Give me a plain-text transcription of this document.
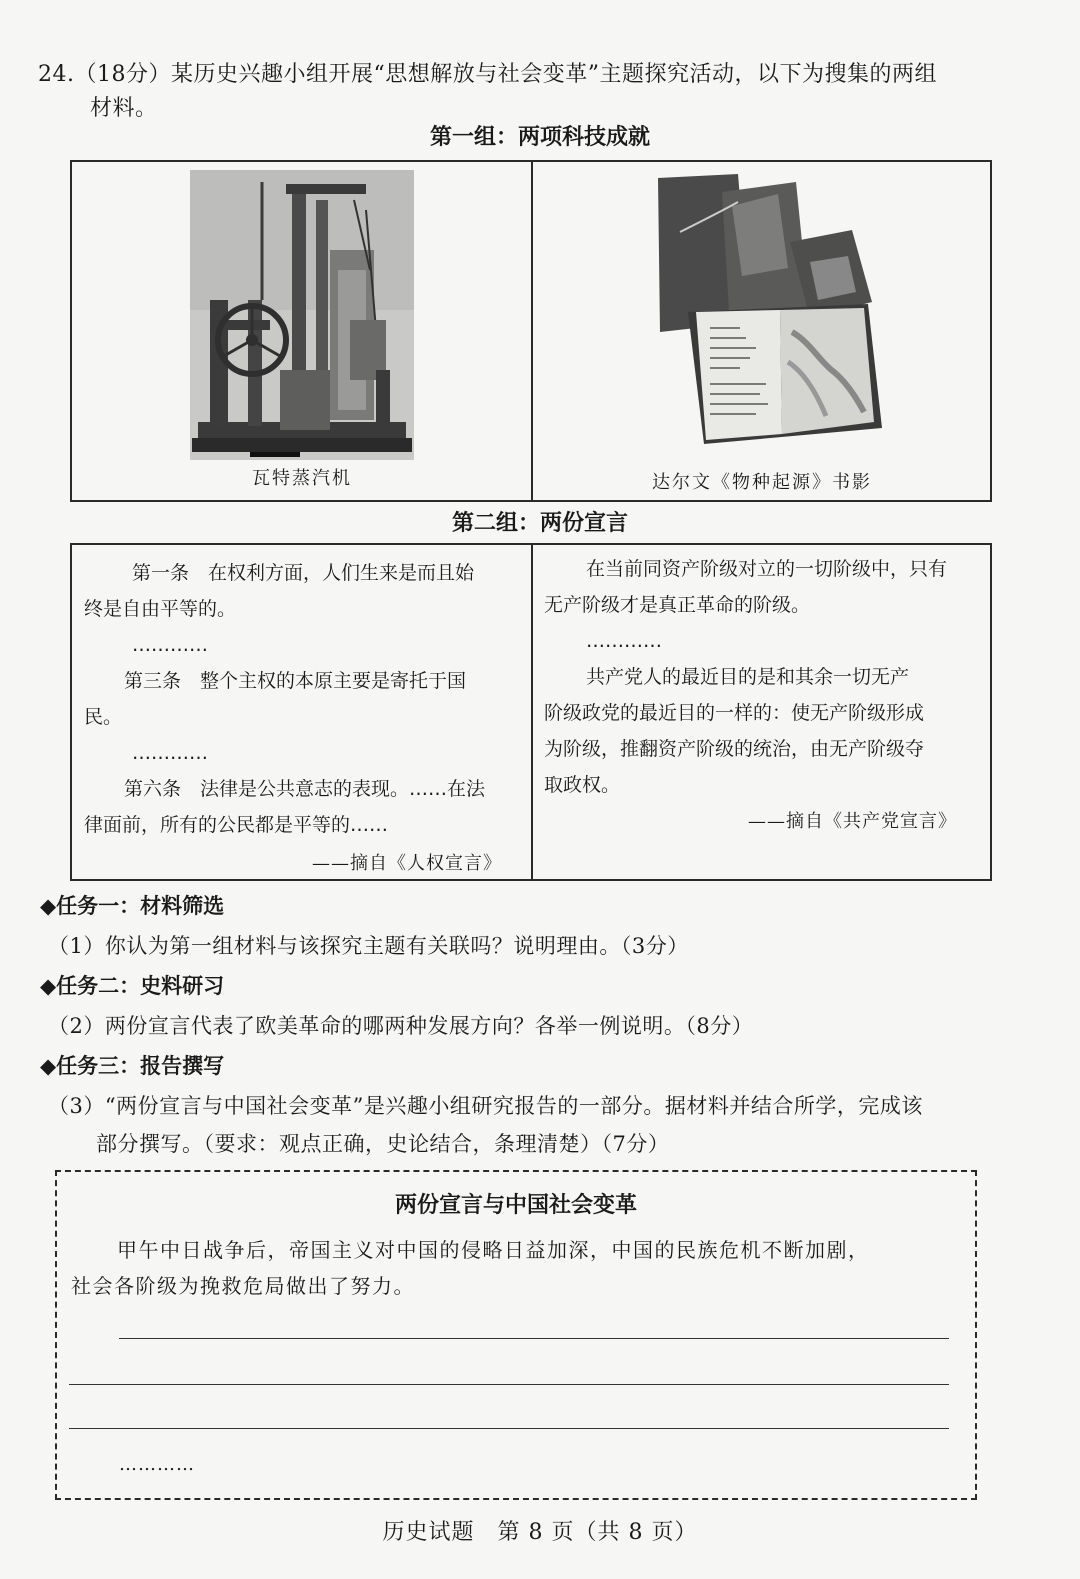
24.（18分）某历史兴趣小组开展“思想解放与社会变革”主题探究活动，以下为搜集的两组
材料。
第一组：两项科技成就
瓦特蒸汽机	达尔文《物种起源》书影
第二组：两份宣言

第一条　在权利方面，人们生来是而且始

终是自由平等的。

…………

第三条　整个主权的本原主要是寄托于国

民。

…………

第六条　法律是公共意志的表现。……在法

律面前，所有的公民都是平等的……

——摘自《人权宣言》

在当前同资产阶级对立的一切阶级中，只有

无产阶级才是真正革命的阶级。

…………

共产党人的最近目的是和其余一切无产

阶级政党的最近目的一样的：使无产阶级形成

为阶级，推翻资产阶级的统治，由无产阶级夺

取政权。

——摘自《共产党宣言》
◆任务一：材料筛选
（1）你认为第一组材料与该探究主题有关联吗？说明理由。（3分）
◆任务二：史料研习
（2）两份宣言代表了欧美革命的哪两种发展方向？各举一例说明。（8分）
◆任务三：报告撰写
（3）“两份宣言与中国社会变革”是兴趣小组研究报告的一部分。据材料并结合所学，完成该
部分撰写。（要求：观点正确，史论结合，条理清楚）（7分）
两份宣言与中国社会变革
甲午中日战争后，帝国主义对中国的侵略日益加深，中国的民族危机不断加剧，
社会各阶级为挽救危局做出了努力。
…………
历史试题　第 8 页（共 8 页）
